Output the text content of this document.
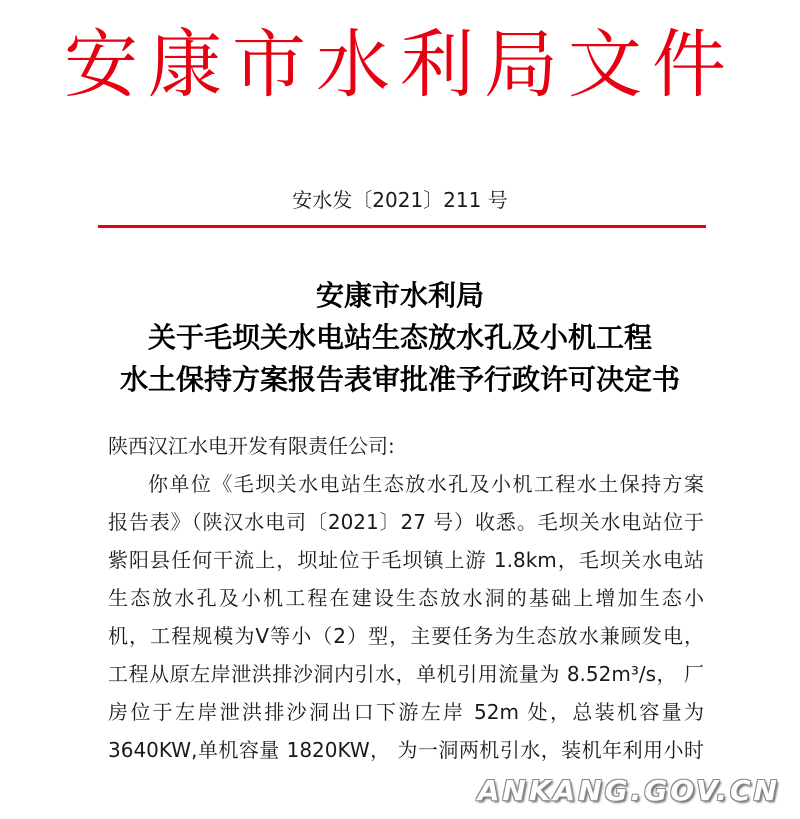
安康市水利局文件
安水发〔2021〕211 号
安康市水利局
关于毛坝关水电站生态放水孔及小机工程
水土保持方案报告表审批准予行政许可决定书
陕西汉江水电开发有限责任公司:
你单位《毛坝关水电站生态放水孔及小机工程水土保持方案
报告表》（陕汉水电司〔2021〕27 号）收悉。毛坝关水电站位于
紫阳县任何干流上，坝址位于毛坝镇上游 1.8km，毛坝关水电站
生态放水孔及小机工程在建设生态放水洞的基础上增加生态小
机，工程规模为Ⅴ等小（2）型，主要任务为生态放水兼顾发电，
工程从原左岸泄洪排沙洞内引水，单机引用流量为 8.52m³/s， 厂
房位于左岸泄洪排沙洞出口下游左岸 52m 处，总装机容量为
3640KW,单机容量 1820KW， 为一洞两机引水，装机年利用小时
ANKANG.GOV.CN
